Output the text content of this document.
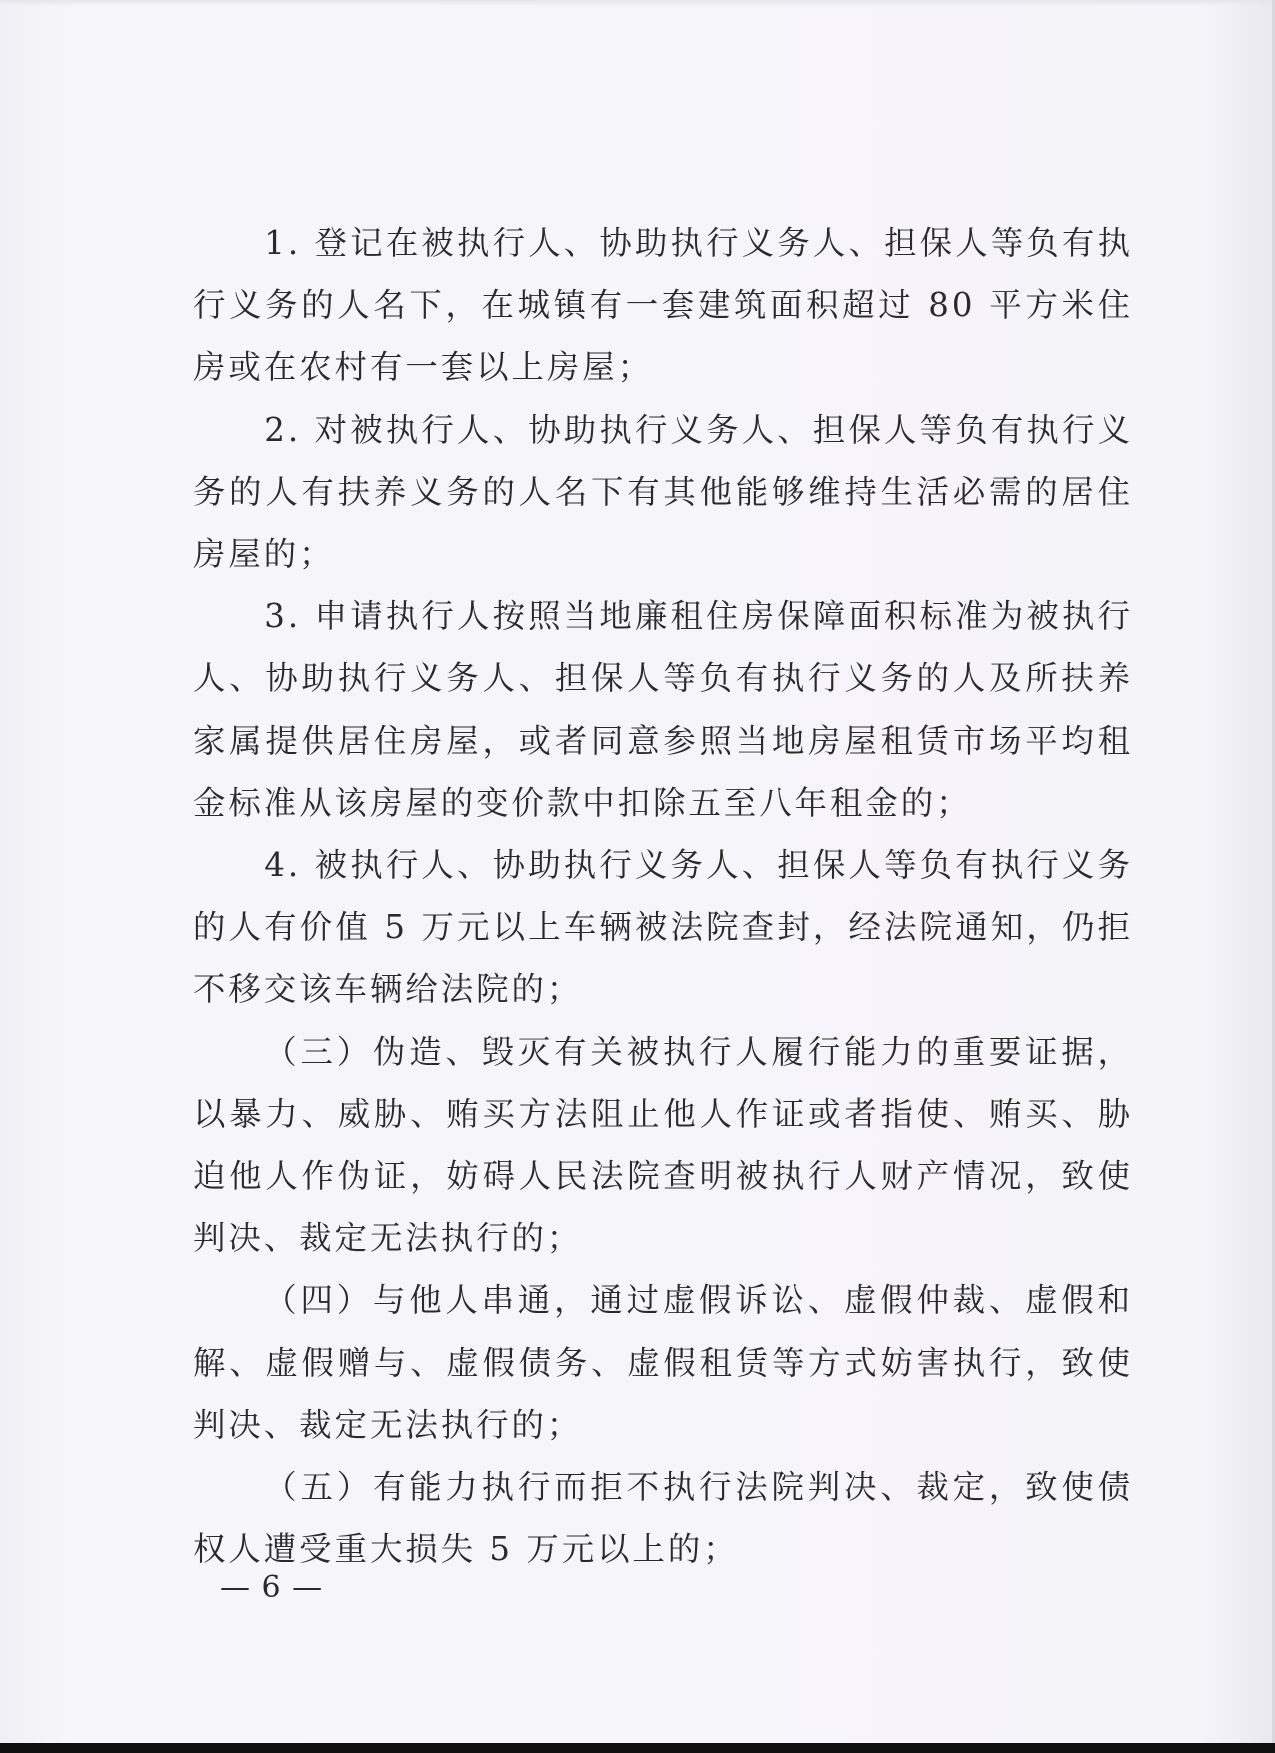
1. 登记在被执行人、协助执行义务人、担保人等负有执行义务的人名下，在城镇有一套建筑面积超过 80 平方米住房或在农村有一套以上房屋；

2. 对被执行人、协助执行义务人、担保人等负有执行义务的人有扶养义务的人名下有其他能够维持生活必需的居住房屋的；

3. 申请执行人按照当地廉租住房保障面积标准为被执行人、协助执行义务人、担保人等负有执行义务的人及所扶养家属提供居住房屋，或者同意参照当地房屋租赁市场平均租金标准从该房屋的变价款中扣除五至八年租金的；

4. 被执行人、协助执行义务人、担保人等负有执行义务的人有价值 5 万元以上车辆被法院查封，经法院通知，仍拒不移交该车辆给法院的；

（三）伪造、毁灭有关被执行人履行能力的重要证据，以暴力、威胁、贿买方法阻止他人作证或者指使、贿买、胁迫他人作伪证，妨碍人民法院查明被执行人财产情况，致使判决、裁定无法执行的；

（四）与他人串通，通过虚假诉讼、虚假仲裁、虚假和解、虚假赠与、虚假债务、虚假租赁等方式妨害执行，致使判决、裁定无法执行的；

（五）有能力执行而拒不执行法院判决、裁定，致使债权人遭受重大损失 5 万元以上的；

— 6 —
